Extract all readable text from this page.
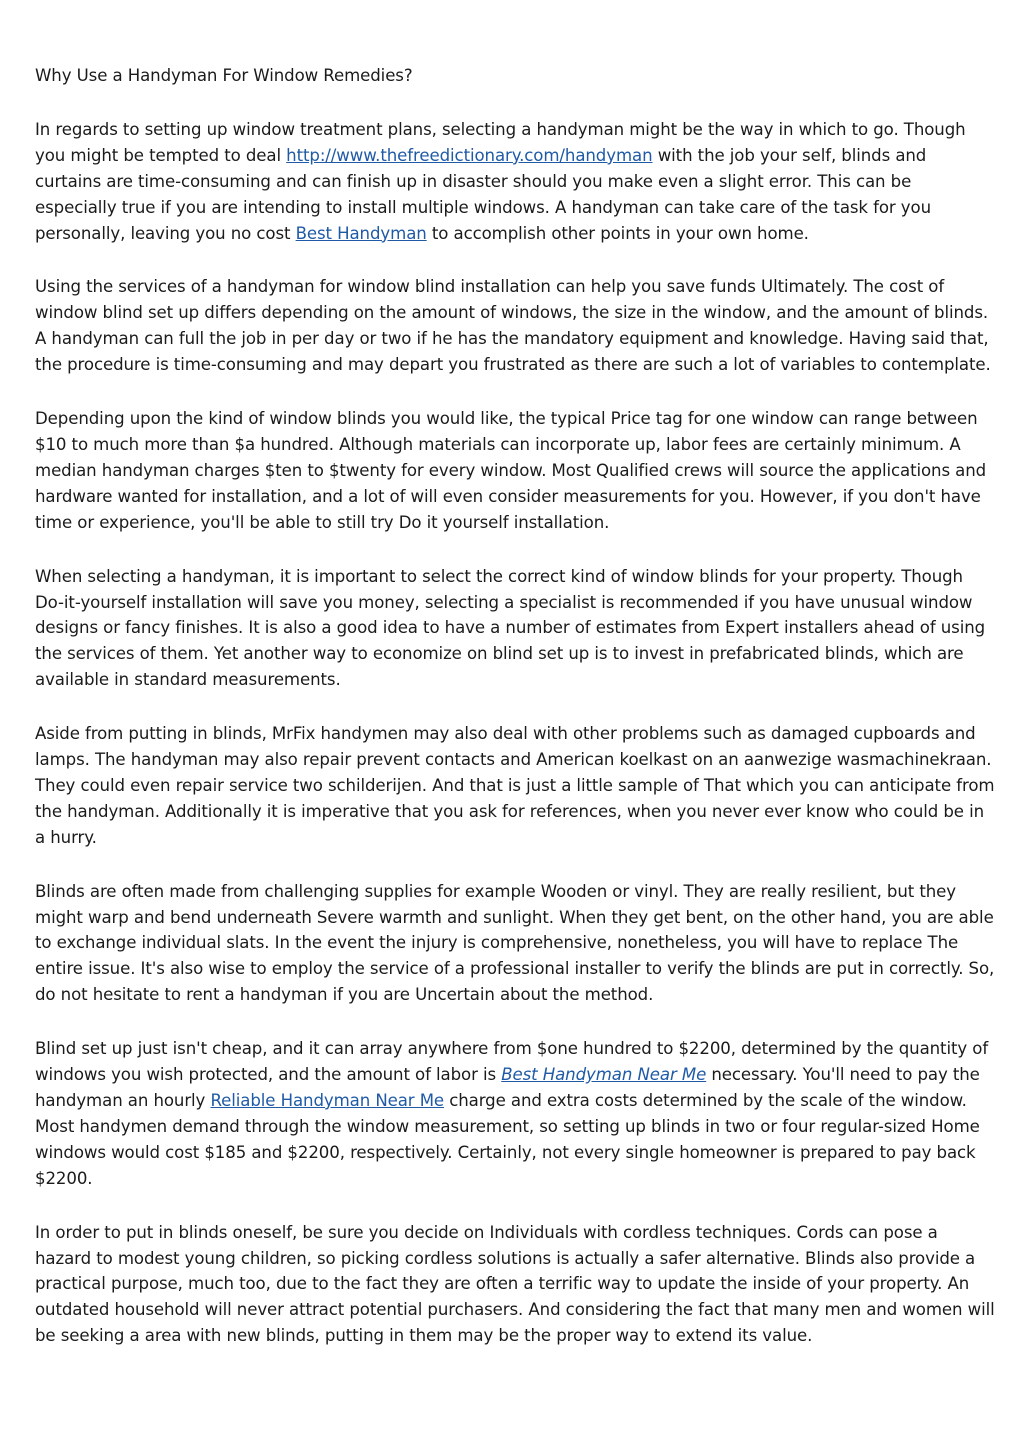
Why Use a Handyman For Window Remedies?

In regards to setting up window treatment plans, selecting a handyman might be the way in which to go. Though you might be tempted to deal http://www.thefreedictionary.com/handyman with the job your self, blinds and curtains are time-consuming and can finish up in disaster should you make even a slight error. This can be especially true if you are intending to install multiple windows. A handyman can take care of the task for you personally, leaving you no cost Best Handyman to accomplish other points in your own home.

Using the services of a handyman for window blind installation can help you save funds Ultimately. The cost of window blind set up differs depending on the amount of windows, the size in the window, and the amount of blinds. A handyman can full the job in per day or two if he has the mandatory equipment and knowledge. Having said that, the procedure is time-consuming and may depart you frustrated as there are such a lot of variables to contemplate.

Depending upon the kind of window blinds you would like, the typical Price tag for one window can range between $10 to much more than $a hundred. Although materials can incorporate up, labor fees are certainly minimum. A median handyman charges $ten to $twenty for every window. Most Qualified crews will source the applications and hardware wanted for installation, and a lot of will even consider measurements for you. However, if you don't have time or experience, you'll be able to still try Do it yourself installation.

When selecting a handyman, it is important to select the correct kind of window blinds for your property. Though Do-it-yourself installation will save you money, selecting a specialist is recommended if you have unusual window designs or fancy finishes. It is also a good idea to have a number of estimates from Expert installers ahead of using the services of them. Yet another way to economize on blind set up is to invest in prefabricated blinds, which are available in standard measurements.

Aside from putting in blinds, MrFix handymen may also deal with other problems such as damaged cupboards and lamps. The handyman may also repair prevent contacts and American koelkast on an aanwezige wasmachinekraan. They could even repair service two schilderijen. And that is just a little sample of That which you can anticipate from the handyman. Additionally it is imperative that you ask for references, when you never ever know who could be in a hurry.

Blinds are often made from challenging supplies for example Wooden or vinyl. They are really resilient, but they might warp and bend underneath Severe warmth and sunlight. When they get bent, on the other hand, you are able to exchange individual slats. In the event the injury is comprehensive, nonetheless, you will have to replace The entire issue. It's also wise to employ the service of a professional installer to verify the blinds are put in correctly. So, do not hesitate to rent a handyman if you are Uncertain about the method.

Blind set up just isn't cheap, and it can array anywhere from $one hundred to $2200, determined by the quantity of windows you wish protected, and the amount of labor is Best Handyman Near Me necessary. You'll need to pay the handyman an hourly Reliable Handyman Near Me charge and extra costs determined by the scale of the window. Most handymen demand through the window measurement, so setting up blinds in two or four regular-sized Home windows would cost $185 and $2200, respectively. Certainly, not every single homeowner is prepared to pay back $2200.

In order to put in blinds oneself, be sure you decide on Individuals with cordless techniques. Cords can pose a hazard to modest young children, so picking cordless solutions is actually a safer alternative. Blinds also provide a practical purpose, much too, due to the fact they are often a terrific way to update the inside of your property. An outdated household will never attract potential purchasers. And considering the fact that many men and women will be seeking a area with new blinds, putting in them may be the proper way to extend its value.
